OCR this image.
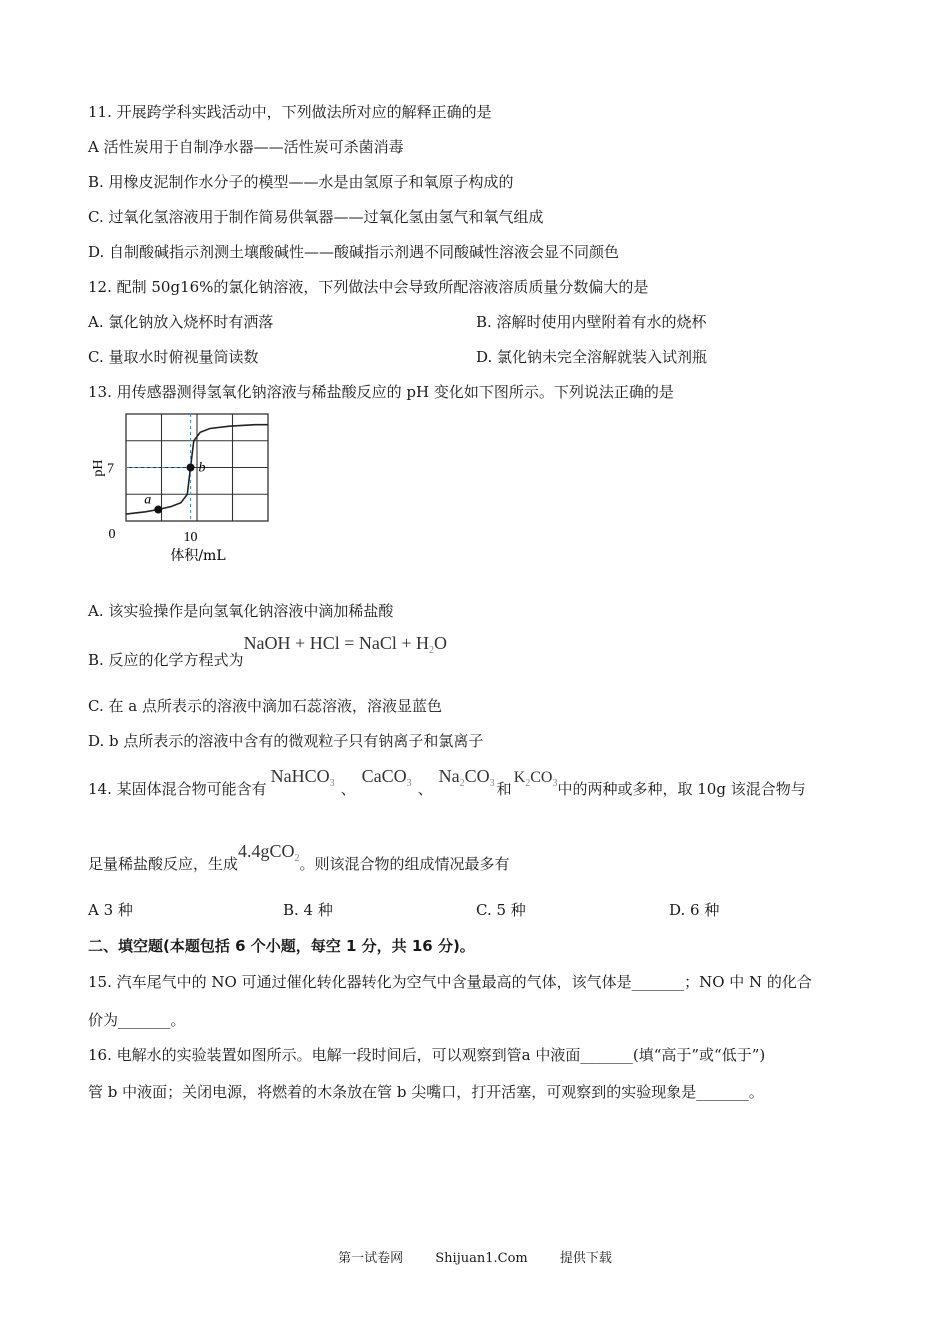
11. 开展跨学科实践活动中，下列做法所对应的解释正确的是
A 活性炭用于自制净水器——活性炭可杀菌消毒
B. 用橡皮泥制作水分子的模型——水是由氢原子和氧原子构成的
C. 过氧化氢溶液用于制作简易供氧器——过氧化氢由氢气和氧气组成
D. 自制酸碱指示剂测土壤酸碱性——酸碱指示剂遇不同酸碱性溶液会显不同颜色
12. 配制 50g16%的氯化钠溶液，下列做法中会导致所配溶液溶质质量分数偏大的是
A. 氯化钠放入烧杯时有洒落	B. 溶解时使用内壁附着有水的烧杯
C. 量取水时俯视量筒读数	D. 氯化钠未完全溶解就装入试剂瓶
13. 用传感器测得氢氧化钠溶液与稀盐酸反应的 pH 变化如下图所示。下列说法正确的是
a
b
7
0	10
pH
体积/mL
A. 该实验操作是向氢氧化钠溶液中滴加稀盐酸
B. 反应的化学方程式为NaOH + HCl = NaCl + $H_2O$
C. 在 a 点所表示的溶液中滴加石蕊溶液，溶液显蓝色
D. b 点所表示的溶液中含有的微观粒子只有钠离子和氯离子
14. 某固体混合物可能含有NaHCO$_3$ 、CaCO$_3$ 、$Na_2CO_3$ 和$K_2CO_3$中的两种或多种，取 10g 该混合物与
足量稀盐酸反应，生成4.4gCO$_2$。则该混合物的组成情况最多有
A 3 种	B. 4 种	C. 5 种	D. 6 种
二、填空题(本题包括 6 个小题，每空 1 分，共 16 分)。
15. 汽车尾气中的 NO 可通过催化转化器转化为空气中含量最高的气体，该气体是_______；NO 中 N 的化合
价为_______。
16. 电解水的实验装置如图所示。电解一段时间后，可以观察到管a 中液面_______(填“高于”或“低于”)
管 b 中液面；关闭电源，将燃着的木条放在管 b 尖嘴口，打开活塞，可观察到的实验现象是_______。
第一试卷网 Shijuan1.Com 提供下载
